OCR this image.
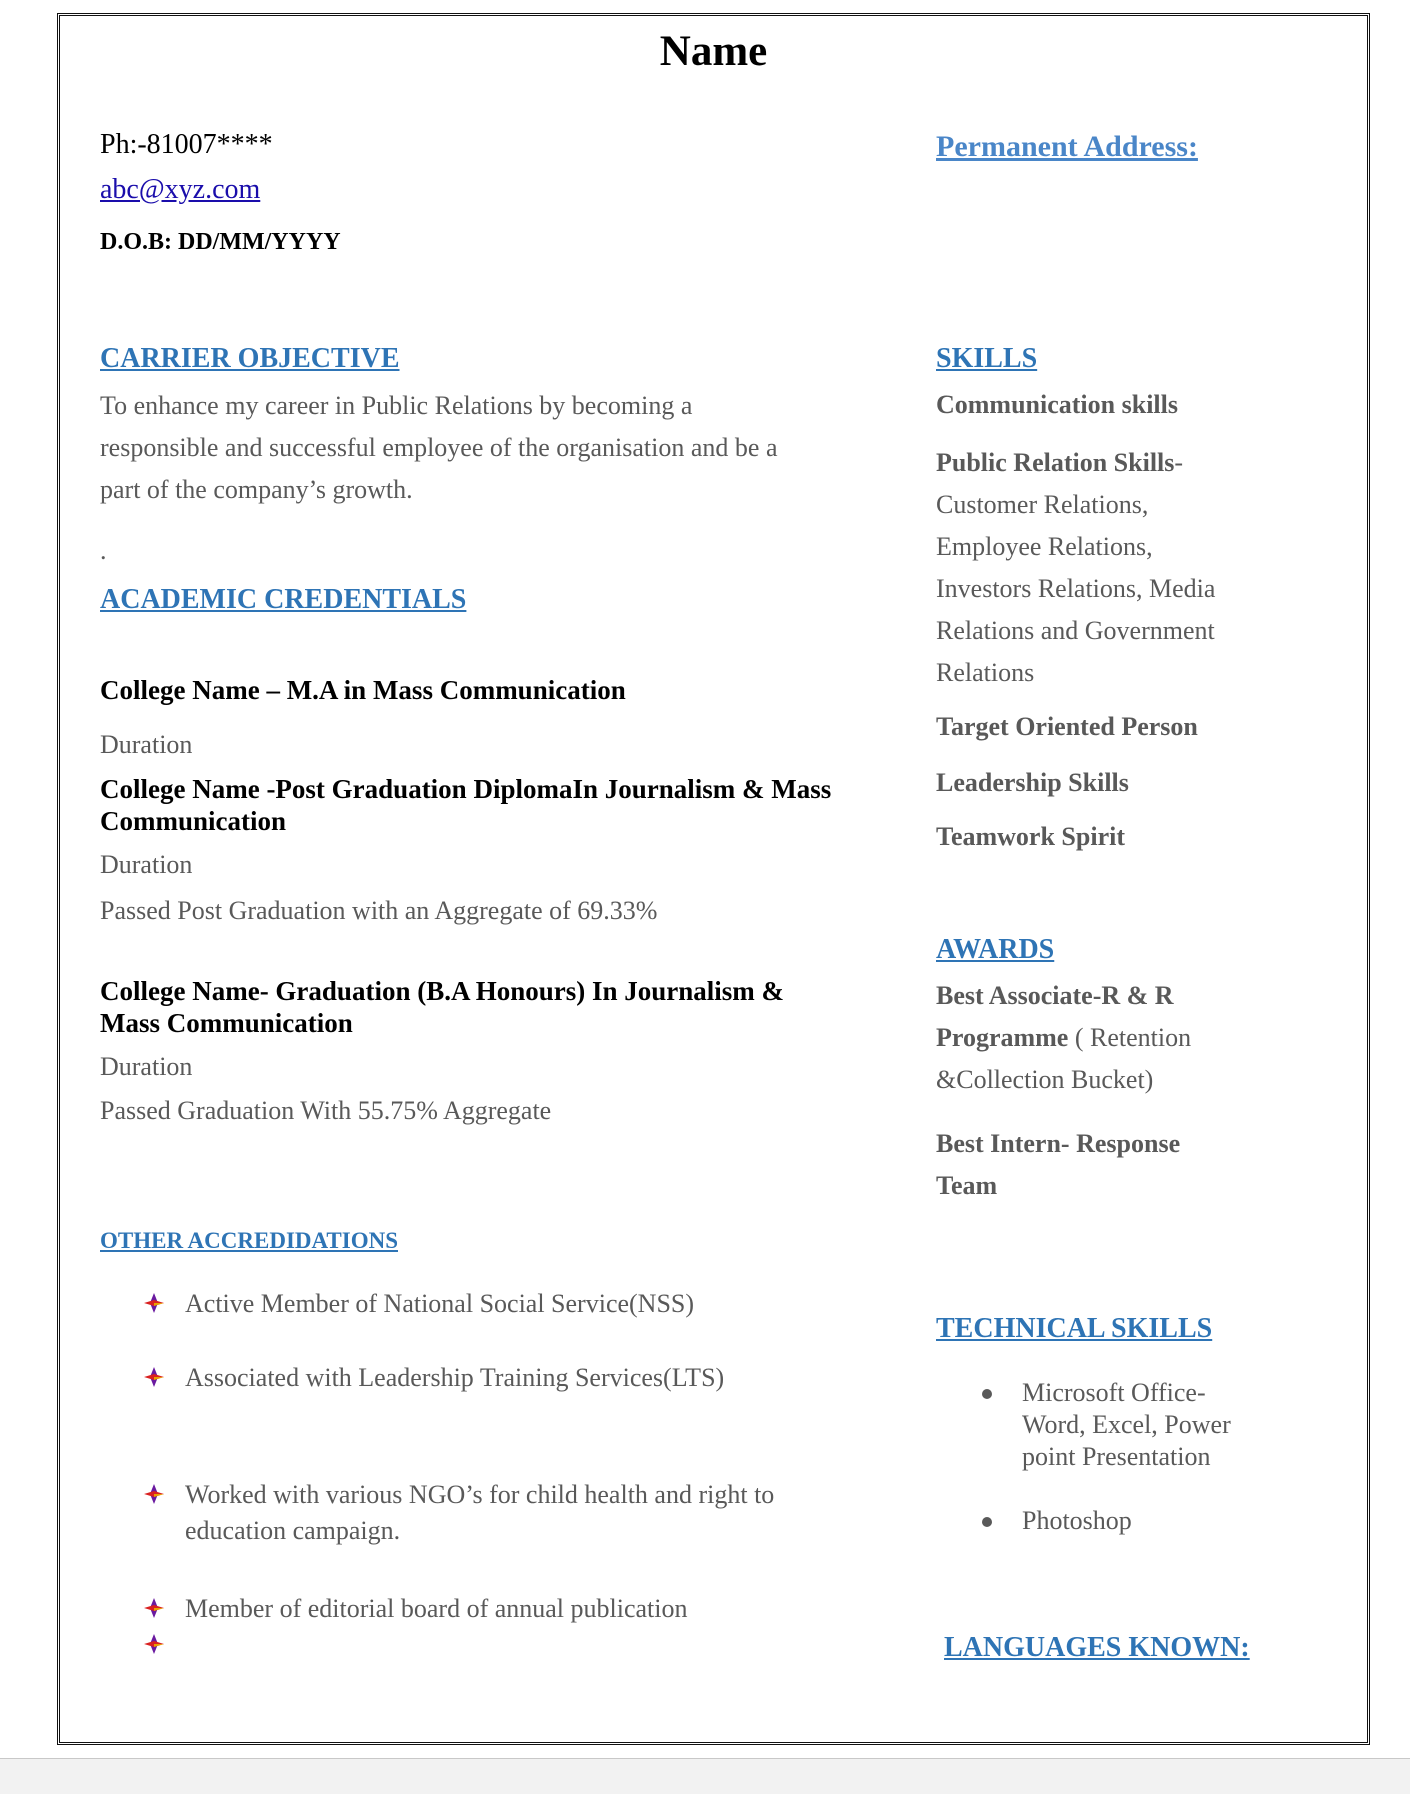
Name
Ph:-81007****
abc@xyz.com
D.O.B: DD/MM/YYYY
Permanent Address:
CARRIER OBJECTIVE
To enhance my career in Public Relations by becoming a
responsible and successful employee of the organisation and be a
part of the company’s growth.
.
ACADEMIC CREDENTIALS
College Name – M.A in Mass Communication
Duration
College Name -Post Graduation DiplomaIn Journalism & Mass
Communication
Duration
Passed Post Graduation with an Aggregate of 69.33%
College Name- Graduation (B.A Honours) In Journalism &
Mass Communication
Duration
Passed Graduation With 55.75% Aggregate
OTHER ACCREDIDATIONS
Active Member of National Social Service(NSS)
Associated with Leadership Training Services(LTS)
Worked with various NGO’s for child health and right to
education campaign.
Member of editorial board of annual publication
SKILLS
Communication skills
Public Relation Skills-
Customer Relations,
Employee Relations,
Investors Relations, Media
Relations and Government
Relations
Target Oriented Person
Leadership Skills
Teamwork Spirit
AWARDS
Best Associate-R & R
Programme ( Retention
&Collection Bucket)
Best Intern- Response
Team
TECHNICAL SKILLS
Microsoft Office-
Word, Excel, Power
point Presentation
Photoshop
LANGUAGES KNOWN:
